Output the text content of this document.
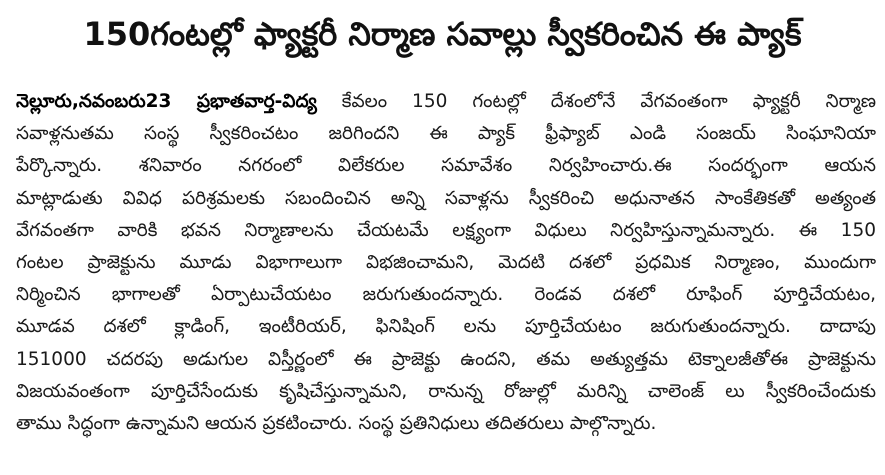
150గంటల్లో ఫ్యాక్టరీ నిర్మాణ సవాల్లు స్వీకరించిన ఈ ప్యాక్
నెల్లూరు,నవంబరు23 ప్రభాతవార్త-విద్య కేవలం 150 గంటల్లో దేశంలోనే వేగవంతంగా ఫ్యాక్టరీ నిర్మాణ
సవాళ్లనుతమ సంస్థ స్వీకరించటం జరిగిందని ఈ ప్యాక్ ఫ్రీఫ్యాబ్ ఎండి సంజయ్ సింఘానియా
పేర్కొన్నారు. శనివారం నగరంలో విలేకరుల సమావేశం నిర్వహించారు.ఈ సందర్భంగా ఆయన
మాట్లాడుతు వివిధ పరిశ్రమలకు సబందించిన అన్ని సవాళ్లను స్వీకరించి అధునాతన సాంకేతికతో అత్యంత
వేగవంతగా వారికి భవన నిర్మాణాలను చేయటమే లక్ష్యంగా విధులు నిర్వహిస్తున్నామన్నారు. ఈ 150
గంటల ప్రాజెక్టును మూడు విభాగాలుగా విభజించామని, మెదటి దశలో ప్రధమిక నిర్మాణం, ముందుగా
నిర్మించిన భాగాలతో ఏర్పాటుచేయటం జరుగుతుందన్నారు. రెండవ దశలో రూఫింగ్ పూర్తిచేయటం,
మూడవ దశలో క్లాడింగ్, ఇంటీరియర్, ఫినిషింగ్ లను పూర్తిచేయటం జరుగుతుందన్నారు. దాదాపు
151000 చదరపు అడుగుల విస్తీర్ణంలో ఈ ప్రాజెక్టు ఉందని, తమ అత్యుత్తమ టెక్నాలజీతోఈ ప్రాజెక్టును
విజయవంతంగా పూర్తిచేసేందుకు కృషిచేస్తున్నామని, రానున్న రోజుల్లో మరిన్ని చాలెంజ్ లు స్వీకరించేందుకు
తాము సిద్ధంగా ఉన్నామని ఆయన ప్రకటించారు. సంస్థ ప్రతినిధులు తదితరులు పాల్గొన్నారు.
